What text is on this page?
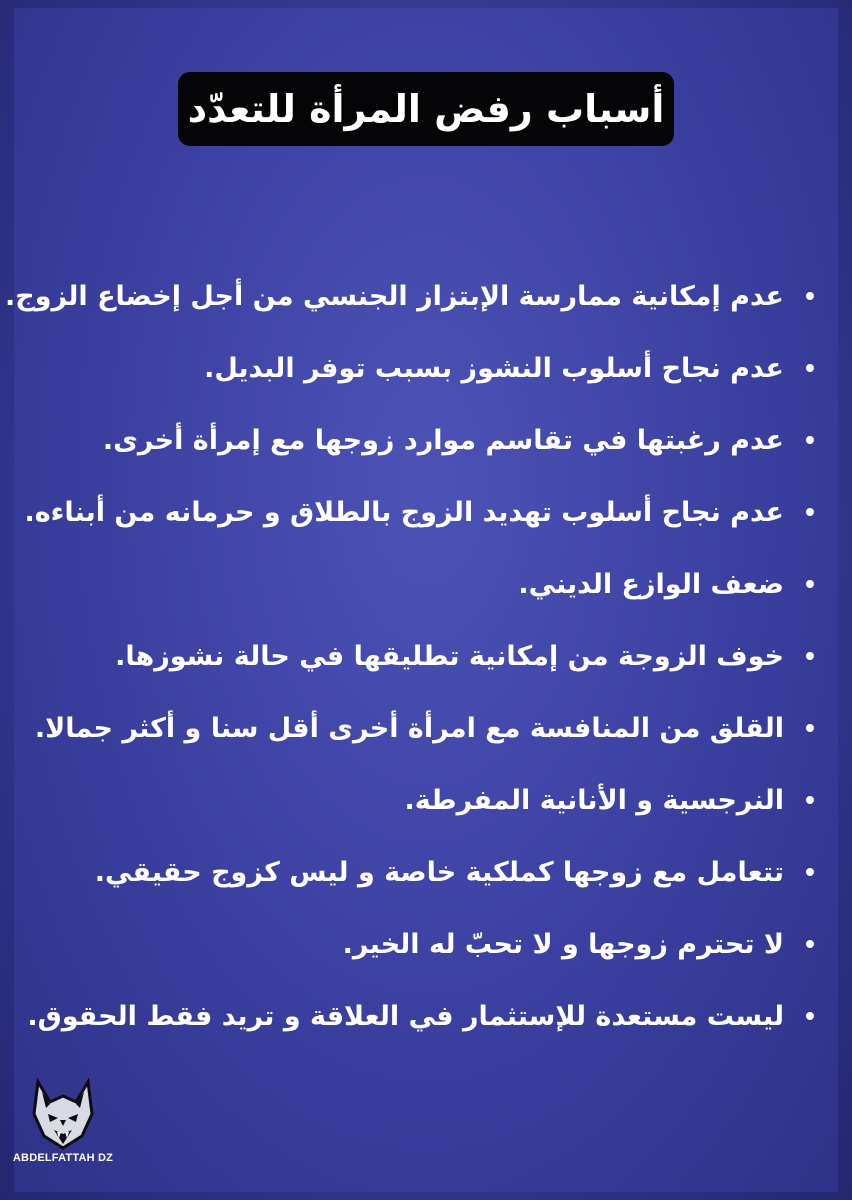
أسباب رفض المرأة للتعدّد
عدم إمكانية ممارسة الإبتزاز الجنسي من أجل إخضاع الزوج.
عدم نجاح أسلوب النشوز بسبب توفر البديل.
عدم رغبتها في تقاسم موارد زوجها مع إمرأة أخرى.
عدم نجاح أسلوب تهديد الزوج بالطلاق و حرمانه من أبناءه.
ضعف الوازع الديني.
خوف الزوجة من إمكانية تطليقها في حالة نشوزها.
القلق من المنافسة مع امرأة أخرى أقل سنا و أكثر جمالا.
النرجسية و الأنانية المفرطة.
تتعامل مع زوجها كملكية خاصة و ليس كزوج حقيقي.
لا تحترم زوجها و لا تحبّ له الخير.
ليست مستعدة للإستثمار في العلاقة و تريد فقط الحقوق.
ABDELFATTAH DZ
